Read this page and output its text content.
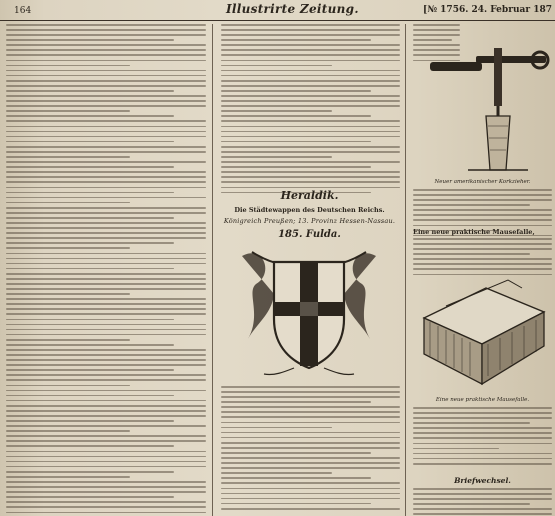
164	Illustrirte Zeitung.	[№ 1756. 24. Februar 187
Heraldik.
Die Städtewappen des Deutschen Reichs.
Königreich Preußen; 13. Provinz Hessen-Nassau.
185. Fulda.
Neuer amerikanischer Korkzieher.
Eine neue praktische Mausefalle,
Eine neue praktische Mausefalle.
Briefwechsel.
